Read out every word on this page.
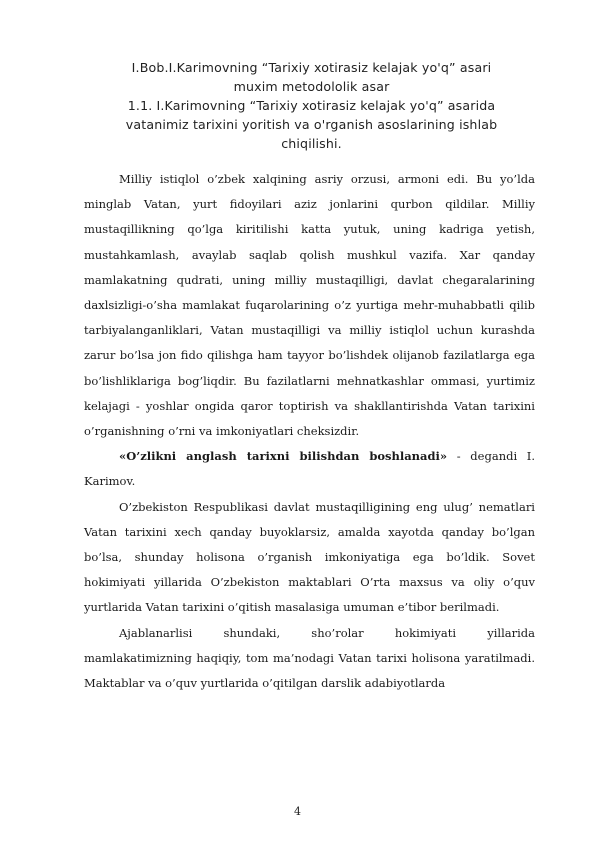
I.Bob.I.Karimovning “Tarixiy xotirasiz kelajak yo'q” asari
muxim metodololik asar
1.1. I.Karimovning “Tarixiy xotirasiz kelajak yo'q” asarida
vatanimiz tarixini yoritish va o'rganish asoslarining ishlab
chiqilishi.

Milliy istiqlol o’zbek xalqining asriy orzusi, armoni edi. Bu yo’lda minglab Vatan, yurt fidoyilari aziz jonlarini qurbon qildilar. Milliy mustaqillikning qo’lga kiritilishi katta yutuk, uning kadriga yetish, mustahkamlash, avaylab saqlab qolish mushkul vazifa. Xar qanday mamlakatning qudrati, uning milliy mustaqilligi, davlat chegaralarining daxlsizligi-o’sha mamlakat fuqarolarining o’z yurtiga mehr-muhabbatli qilib tarbiyalanganliklari, Vatan mustaqilligi va milliy istiqlol uchun kurashda zarur bo’lsa jon fido qilishga ham tayyor bo’lishdek olijanob fazilatlarga ega bo’lishliklariga bog’liqdir. Bu fazilatlarni mehnatkashlar ommasi, yurtimiz kelajagi - yoshlar ongida qaror toptirish va shakllantirishda Vatan tarixini o’rganishning o’rni va imkoniyatlari cheksizdir.

«O’zlikni anglash tarixni bilishdan boshlanadi» - degandi I. Karimov.

O’zbekiston Respublikasi davlat mustaqilligining eng ulug’ nematlari Vatan tarixini xech qanday buyoklarsiz, amalda xayotda qanday bo’lgan bo’lsa, shunday holisona o’rganish imkoniyatiga ega bo’ldik. Sovet hokimiyati yillarida O’zbekiston maktablari O’rta maxsus va oliy o’quv yurtlarida Vatan tarixini o’qitish masalasiga umuman e’tibor berilmadi.

Ajablanarlisi shundaki, sho’rolar hokimiyati yillarida mamlakatimizning haqiqiy, tom ma’nodagi Vatan tarixi holisona yaratilmadi. Maktablar va o’quv yurtlarida o’qitilgan darslik adabiyotlarda

4
